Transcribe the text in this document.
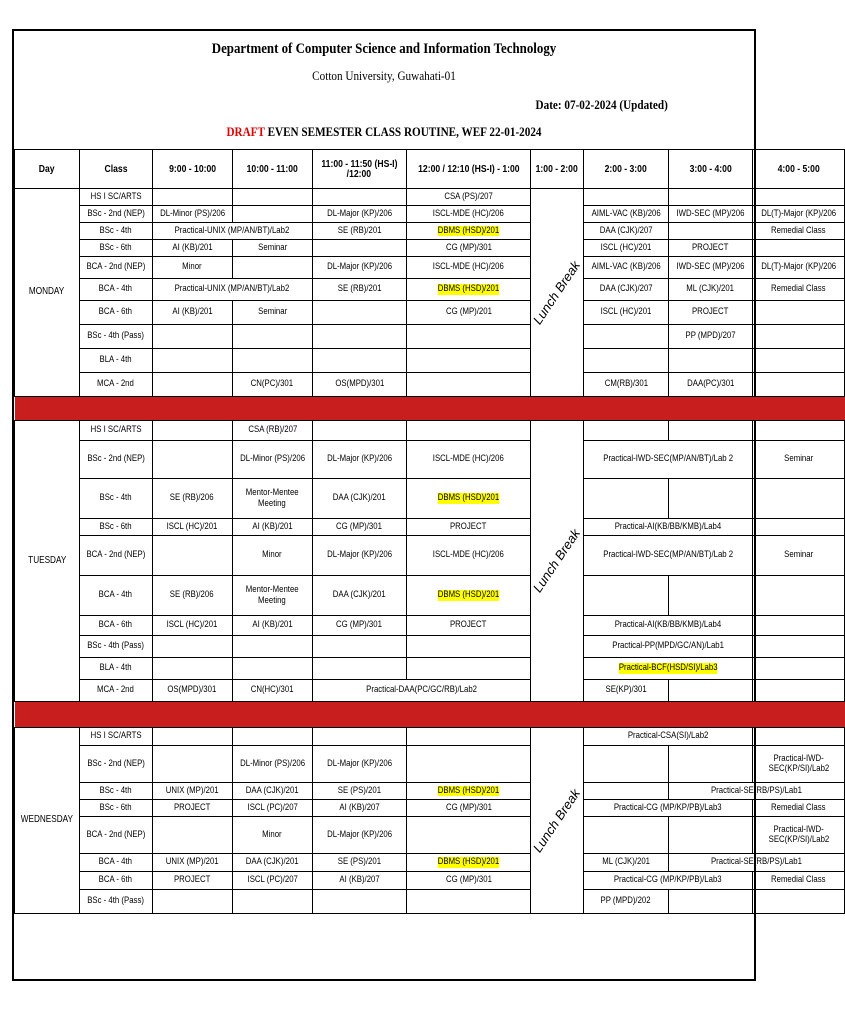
Department of Computer Science and Information Technology
Cotton University, Guwahati-01
Date: 07-02-2024 (Updated)
DRAFT EVEN SEMESTER CLASS ROUTINE, WEF 22-01-2024
Day	Class	9:00 - 10:00	10:00 - 11:00	11:00 - 11:50 (HS-I)
/12:00	12:00 / 12:10 (HS-I) - 1:00	1:00 - 2:00	2:00 - 3:00	3:00 - 4:00	4:00 - 5:00
MONDAY	HS I SC/ARTS				CSA (PS)/207	Lunch Break			

	BSc - 2nd (NEP)	DL-Minor (PS)/206		DL-Major (KP)/206	ISCL-MDE (HC)/206		AIML-VAC (KB)/206	IWD-SEC (MP)/206	DL(T)-Major (KP)/206
	BSc - 4th	Practical-UNIX (MP/AN/BT)/Lab2		SE (RB)/201	DBMS (HSD)/201		DAA (CJK)/207		Remedial Class
	BSc - 6th	AI (KB)/201	Seminar		CG (MP)/301		ISCL (HC)/201	PROJECT	
	BCA - 2nd (NEP)	Minor		DL-Major (KP)/206	ISCL-MDE (HC)/206		AIML-VAC (KB)/206	IWD-SEC (MP)/206	DL(T)-Major (KP)/206
	BCA - 4th	Practical-UNIX (MP/AN/BT)/Lab2		SE (RB)/201	DBMS (HSD)/201		DAA (CJK)/207	ML (CJK)/201	Remedial Class
	BCA - 6th	AI (KB)/201	Seminar		CG (MP)/201		ISCL (HC)/201	PROJECT	
	BSc - 4th (Pass)							PP (MPD)/207	
	BLA - 4th								
	MCA - 2nd		CN(PC)/301	OS(MPD)/301			CM(RB)/301	DAA(PC)/301	

TUESDAY	HS I SC/ARTS		CSA (RB)/207			Lunch Break			

	BSc - 2nd (NEP)		DL-Minor (PS)/206	DL-Major (KP)/206	ISCL-MDE (HC)/206		Practical-IWD-SEC(MP/AN/BT)/Lab 2		Seminar
	BSc - 4th	SE (RB)/206	Mentor-Mentee
Meeting	DAA (CJK)/201	DBMS (HSD)/201				
	BSc - 6th	ISCL (HC)/201	AI (KB)/201	CG (MP)/301	PROJECT		Practical-AI(KB/BB/KMB)/Lab4		
	BCA - 2nd (NEP)		Minor	DL-Major (KP)/206	ISCL-MDE (HC)/206		Practical-IWD-SEC(MP/AN/BT)/Lab 2		Seminar
	BCA - 4th	SE (RB)/206	Mentor-Mentee
Meeting	DAA (CJK)/201	DBMS (HSD)/201				
	BCA - 6th	ISCL (HC)/201	AI (KB)/201	CG (MP)/301	PROJECT		Practical-AI(KB/BB/KMB)/Lab4		
	BSc - 4th (Pass)						Practical-PP(MPD/GC/AN)/Lab1		
	BLA - 4th						Practical-BCF(HSD/SI)/Lab3		
	MCA - 2nd	OS(MPD)/301	CN(HC)/301	Practical-DAA(PC/GC/RB)/Lab2			SE(KP)/301		

WEDNESDAY	HS I SC/ARTS					Lunch Break	Practical-CSA(SI)/Lab2		
	BSc - 2nd (NEP)		DL-Minor (PS)/206	DL-Major (KP)/206					Practical-IWD-
SEC(KP/SI)/Lab2
	BSc - 4th	UNIX (MP)/201	DAA (CJK)/201	SE (PS)/201	DBMS (HSD)/201			Practical-SE(RB/PS)/Lab1	
	BSc - 6th	PROJECT	ISCL (PC)/207	AI (KB)/207	CG (MP)/301		Practical-CG (MP/KP/PB)/Lab3		Remedial Class
	BCA - 2nd (NEP)		Minor	DL-Major (KP)/206					Practical-IWD-
SEC(KP/SI)/Lab2
	BCA - 4th	UNIX (MP)/201	DAA (CJK)/201	SE (PS)/201	DBMS (HSD)/201		ML (CJK)/201	Practical-SE(RB/PS)/Lab1	
	BCA - 6th	PROJECT	ISCL (PC)/207	AI (KB)/207	CG (MP)/301		Practical-CG (MP/KP/PB)/Lab3		Remedial Class
	BSc - 4th (Pass)						PP (MPD)/202		
